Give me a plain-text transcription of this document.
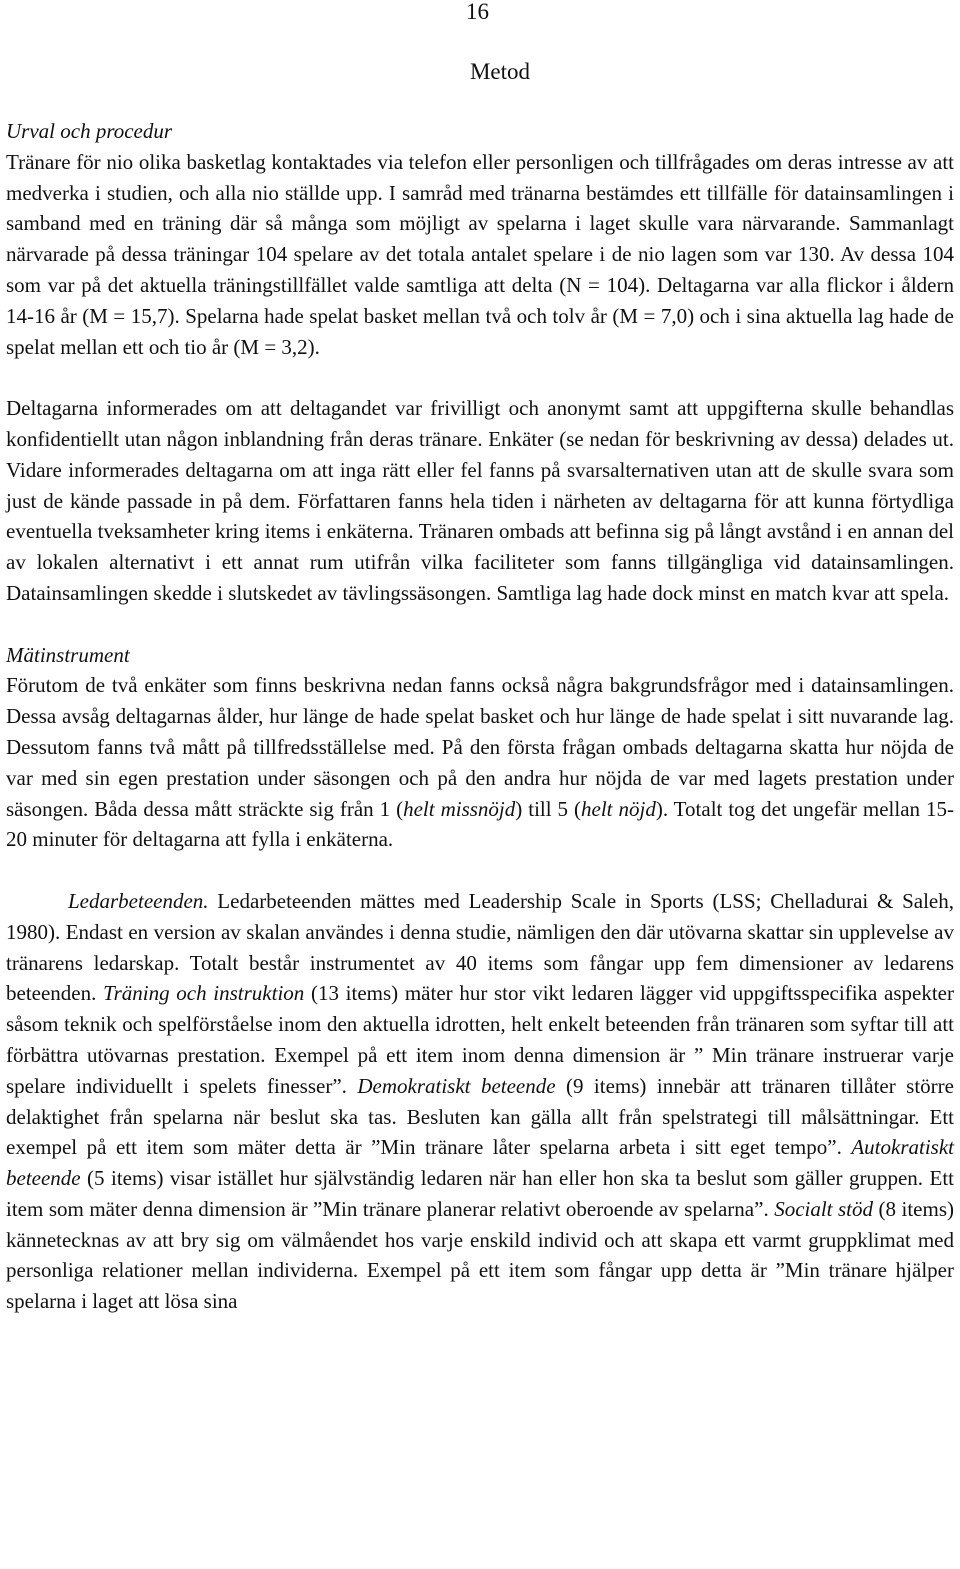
16
Metod
Urval och procedur

Tränare för nio olika basketlag kontaktades via telefon eller personligen och tillfrågades om deras intresse av att medverka i studien, och alla nio ställde upp. I samråd med tränarna bestämdes ett tillfälle för datainsamlingen i samband med en träning där så många som möjligt av spelarna i laget skulle vara närvarande. Sammanlagt närvarade på dessa träningar 104 spelare av det totala antalet spelare i de nio lagen som var 130. Av dessa 104 som var på det aktuella träningstillfället valde samtliga att delta (N = 104). Deltagarna var alla flickor i åldern 14-16 år (M = 15,7). Spelarna hade spelat basket mellan två och tolv år (M = 7,0) och i sina aktuella lag hade de spelat mellan ett och tio år (M = 3,2).

Deltagarna informerades om att deltagandet var frivilligt och anonymt samt att uppgifterna skulle behandlas konfidentiellt utan någon inblandning från deras tränare. Enkäter (se nedan för beskrivning av dessa) delades ut. Vidare informerades deltagarna om att inga rätt eller fel fanns på svarsalternativen utan att de skulle svara som just de kände passade in på dem. Författaren fanns hela tiden i närheten av deltagarna för att kunna förtydliga eventuella tveksamheter kring items i enkäterna. Tränaren ombads att befinna sig på långt avstånd i en annan del av lokalen alternativt i ett annat rum utifrån vilka faciliteter som fanns tillgängliga vid datainsamlingen. Datainsamlingen skedde i slutskedet av tävlingssäsongen. Samtliga lag hade dock minst en match kvar att spela.

Mätinstrument

Förutom de två enkäter som finns beskrivna nedan fanns också några bakgrundsfrågor med i datainsamlingen. Dessa avsåg deltagarnas ålder, hur länge de hade spelat basket och hur länge de hade spelat i sitt nuvarande lag. Dessutom fanns två mått på tillfredsställelse med. På den första frågan ombads deltagarna skatta hur nöjda de var med sin egen prestation under säsongen och på den andra hur nöjda de var med lagets prestation under säsongen. Båda dessa mått sträckte sig från 1 (helt missnöjd) till 5 (helt nöjd). Totalt tog det ungefär mellan 15-20 minuter för deltagarna att fylla i enkäterna.

Ledarbeteenden. Ledarbeteenden mättes med Leadership Scale in Sports (LSS; Chelladurai & Saleh, 1980). Endast en version av skalan användes i denna studie, nämligen den där utövarna skattar sin upplevelse av tränarens ledarskap. Totalt består instrumentet av 40 items som fångar upp fem dimensioner av ledarens beteenden. Träning och instruktion (13 items) mäter hur stor vikt ledaren lägger vid uppgiftsspecifika aspekter såsom teknik och spelförståelse inom den aktuella idrotten, helt enkelt beteenden från tränaren som syftar till att förbättra utövarnas prestation. Exempel på ett item inom denna dimension är ” Min tränare instruerar varje spelare individuellt i spelets finesser”. Demokratiskt beteende (9 items) innebär att tränaren tillåter större delaktighet från spelarna när beslut ska tas. Besluten kan gälla allt från spelstrategi till målsättningar. Ett exempel på ett item som mäter detta är ”Min tränare låter spelarna arbeta i sitt eget tempo”. Autokratiskt beteende (5 items) visar istället hur självständig ledaren när han eller hon ska ta beslut som gäller gruppen. Ett item som mäter denna dimension är ”Min tränare planerar relativt oberoende av spelarna”. Socialt stöd (8 items) kännetecknas av att bry sig om välmåendet hos varje enskild individ och att skapa ett varmt gruppklimat med personliga relationer mellan individerna. Exempel på ett item som fångar upp detta är ”Min tränare hjälper spelarna i laget att lösa sina
